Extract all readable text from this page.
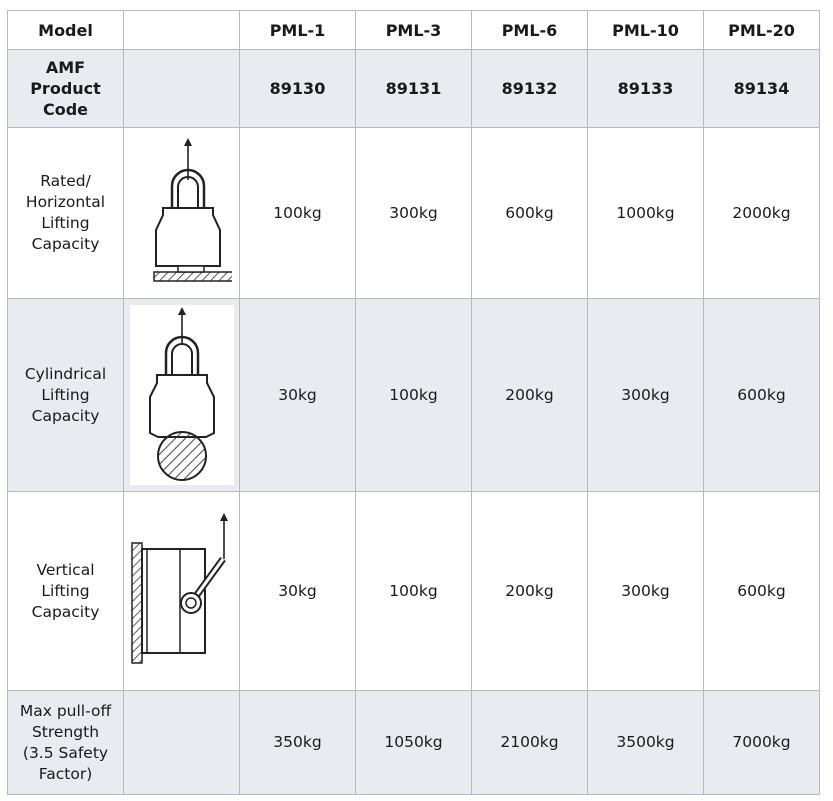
Model		PML-1	PML-3	PML-6	PML-10	PML-20

AMF
Product
Code		89130	89131	89132	89133	89134

Rated/
Horizontal
Lifting
Capacity		100kg	300kg	600kg	1000kg	2000kg

Cylindrical
Lifting
Capacity		30kg	100kg	200kg	300kg	600kg

Vertical
Lifting
Capacity		30kg	100kg	200kg	300kg	600kg

Max pull-off
Strength
(3.5 Safety
Factor)		350kg	1050kg	2100kg	3500kg	7000kg
